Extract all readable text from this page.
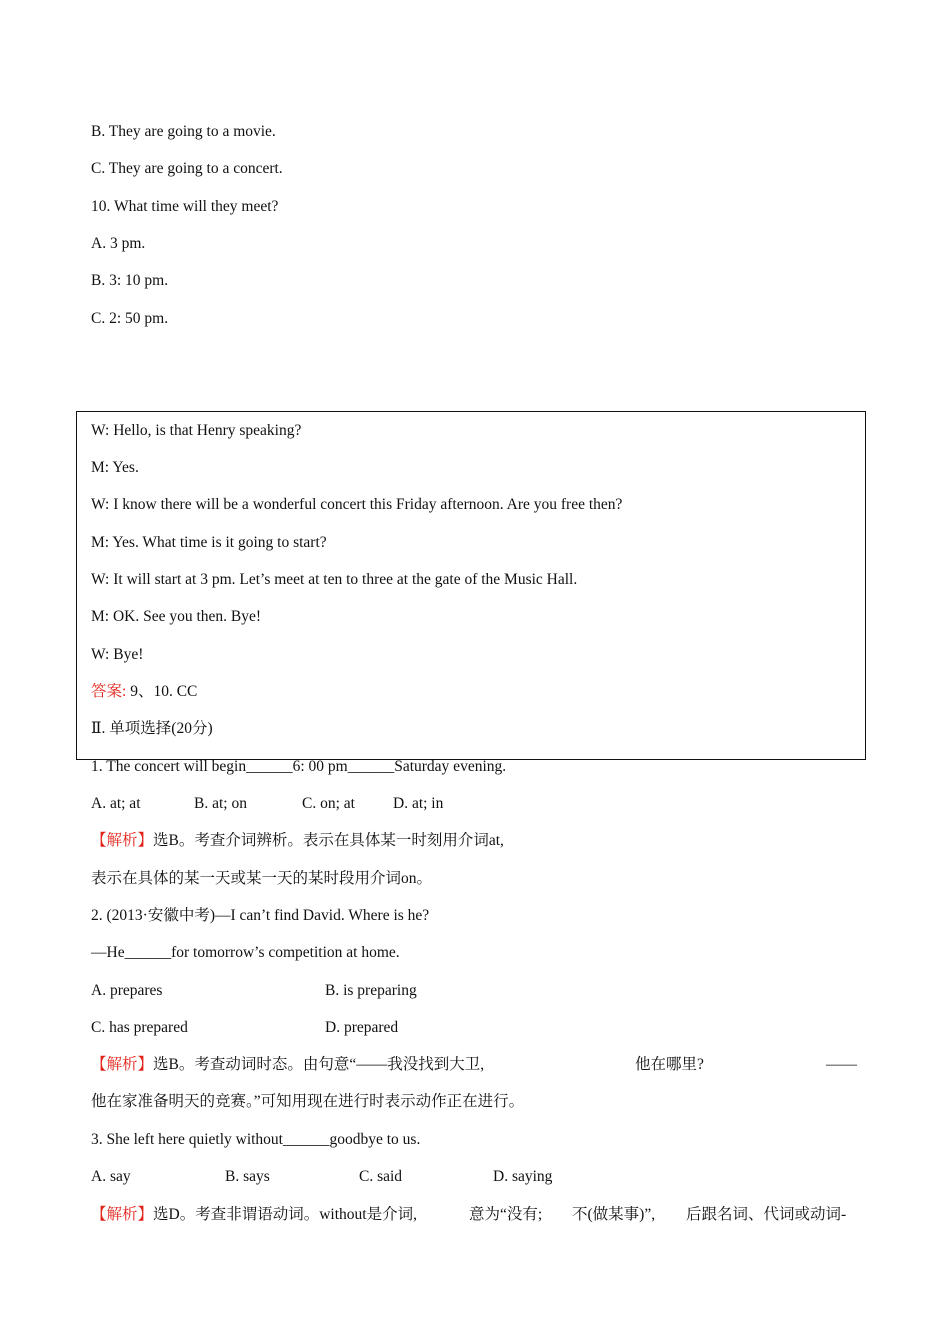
B. They are going to a movie.
C. They are going to a concert.
10. What time will they meet?
A. 3 pm.
B. 3: 10 pm.
C. 2: 50 pm.
W: Hello, is that Henry speaking?
M: Yes.
W: I know there will be a wonderful concert this Friday afternoon. Are you free then?
M: Yes. What time is it going to start?
W: It will start at 3 pm. Let’s meet at ten to three at the gate of the Music Hall.
M: OK. See you then. Bye!
W: Bye!
答案: 9、10. CC
Ⅱ. 单项选择(20分)
1. The concert will begin______6: 00 pm______Saturday evening.
A. at; at	B. at; on	C. on; at D. at; in
【解析】选B。考查介词辨析。表示在具体某一时刻用介词at,
表示在具体的某一天或某一天的某时段用介词on。
2. (2013·安徽中考)—I can’t find David. Where is he?
—He______for tomorrow’s competition at home.
A. prepares	B. is preparing
C. has prepared	D. prepared
【解析】选B。考查动词时态。由句意“——我没找到大卫,	他在哪里?	——
他在家准备明天的竞赛。”可知用现在进行时表示动作正在进行。
3. She left here quietly without______goodbye to us.
A. say	B. says	C. said	D. saying
【解析】选D。考查非谓语动词。without是介词,	意为“没有; 不(做某事)”, 后跟名词、代词或动词-
